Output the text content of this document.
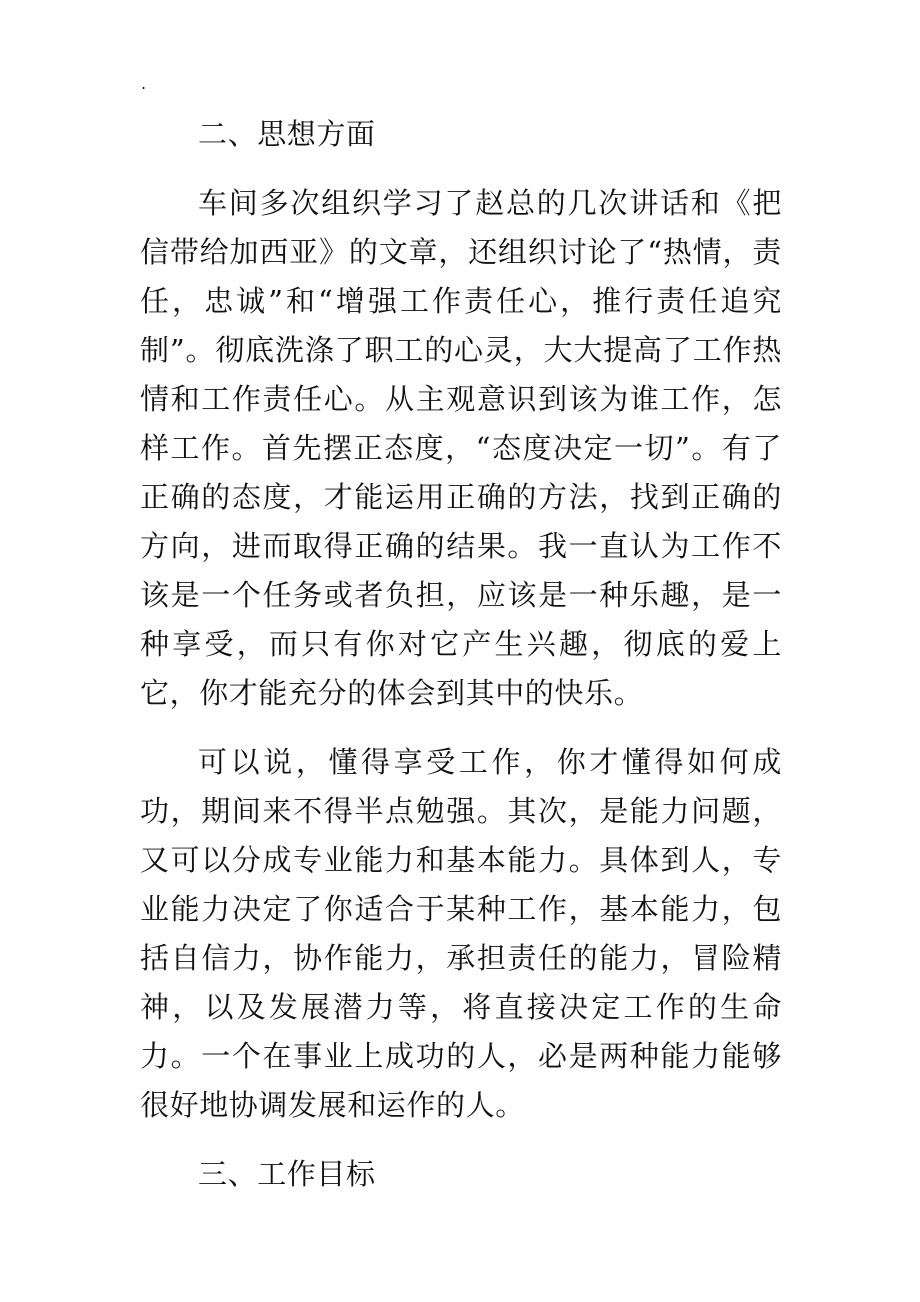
.

二、思想方面

车间多次组织学习了赵总的几次讲话和《把信带给加西亚》的文章，还组织讨论了“热情，责任，忠诚”和“增强工作责任心，推行责任追究制”。彻底洗涤了职工的心灵，大大提高了工作热情和工作责任心。从主观意识到该为谁工作，怎样工作。首先摆正态度，“态度决定一切”。有了正确的态度，才能运用正确的方法，找到正确的方向，进而取得正确的结果。我一直认为工作不该是一个任务或者负担，应该是一种乐趣，是一种享受，而只有你对它产生兴趣，彻底的爱上它，你才能充分的体会到其中的快乐。

可以说，懂得享受工作，你才懂得如何成功，期间来不得半点勉强。其次，是能力问题，又可以分成专业能力和基本能力。具体到人，专业能力决定了你适合于某种工作，基本能力，包括自信力，协作能力，承担责任的能力，冒险精神，以及发展潜力等，将直接决定工作的生命力。一个在事业上成功的人，必是两种能力能够很好地协调发展和运作的人。

三、工作目标
